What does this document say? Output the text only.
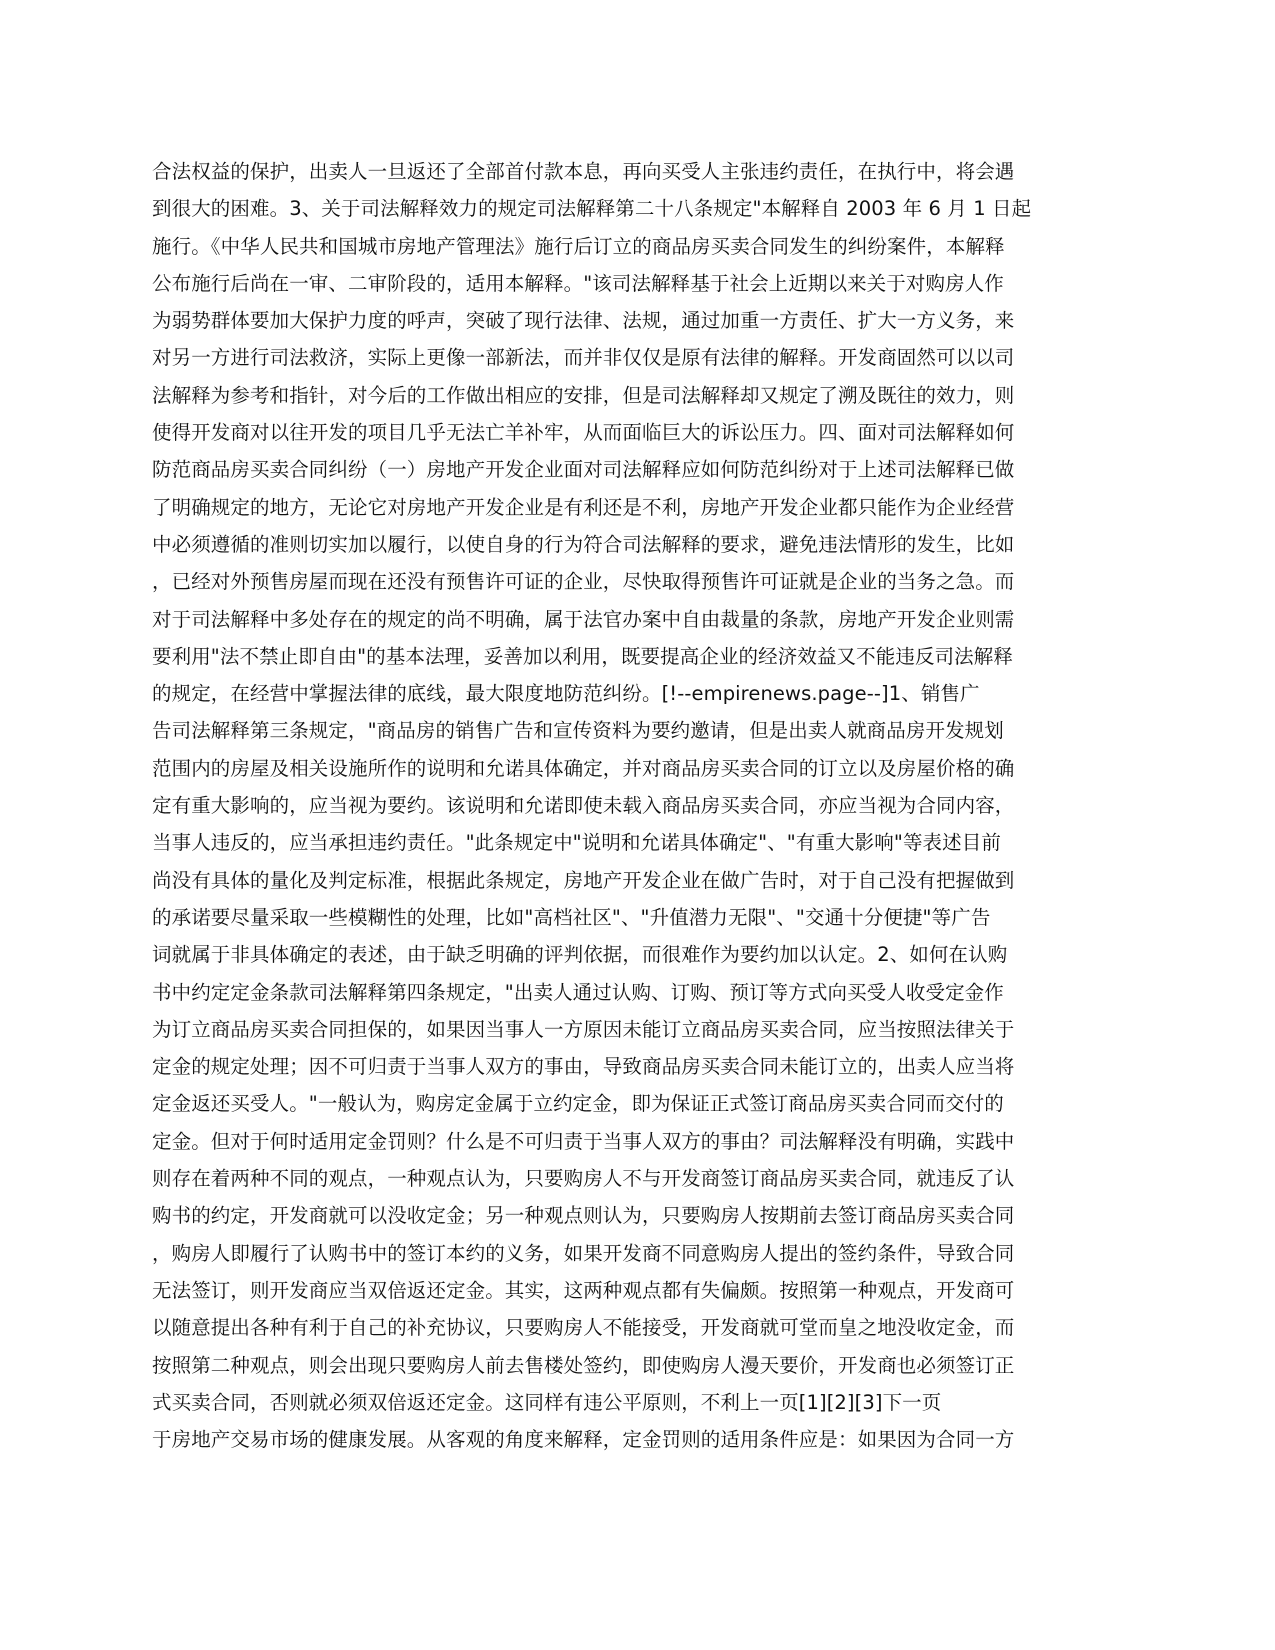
合法权益的保护，出卖人一旦返还了全部首付款本息，再向买受人主张违约责任，在执行中，将会遇
到很大的困难。3、关于司法解释效力的规定司法解释第二十八条规定"本解释自 2003 年 6 月 1 日起
施行。《中华人民共和国城市房地产管理法》施行后订立的商品房买卖合同发生的纠纷案件，本解释
公布施行后尚在一审、二审阶段的，适用本解释。"该司法解释基于社会上近期以来关于对购房人作
为弱势群体要加大保护力度的呼声，突破了现行法律、法规，通过加重一方责任、扩大一方义务，来
对另一方进行司法救济，实际上更像一部新法，而并非仅仅是原有法律的解释。开发商固然可以以司
法解释为参考和指针，对今后的工作做出相应的安排，但是司法解释却又规定了溯及既往的效力，则
使得开发商对以往开发的项目几乎无法亡羊补牢，从而面临巨大的诉讼压力。四、面对司法解释如何
防范商品房买卖合同纠纷（一）房地产开发企业面对司法解释应如何防范纠纷对于上述司法解释已做
了明确规定的地方，无论它对房地产开发企业是有利还是不利，房地产开发企业都只能作为企业经营
中必须遵循的准则切实加以履行，以使自身的行为符合司法解释的要求，避免违法情形的发生，比如
，已经对外预售房屋而现在还没有预售许可证的企业，尽快取得预售许可证就是企业的当务之急。而
对于司法解释中多处存在的规定的尚不明确，属于法官办案中自由裁量的条款，房地产开发企业则需
要利用"法不禁止即自由"的基本法理，妥善加以利用，既要提高企业的经济效益又不能违反司法解释
的规定，在经营中掌握法律的底线，最大限度地防范纠纷。[!--empirenews.page--]1、销售广
告司法解释第三条规定，"商品房的销售广告和宣传资料为要约邀请，但是出卖人就商品房开发规划
范围内的房屋及相关设施所作的说明和允诺具体确定，并对商品房买卖合同的订立以及房屋价格的确
定有重大影响的，应当视为要约。该说明和允诺即使未载入商品房买卖合同，亦应当视为合同内容，
当事人违反的，应当承担违约责任。"此条规定中"说明和允诺具体确定"、"有重大影响"等表述目前
尚没有具体的量化及判定标准，根据此条规定，房地产开发企业在做广告时，对于自己没有把握做到
的承诺要尽量采取一些模糊性的处理，比如"高档社区"、"升值潜力无限"、"交通十分便捷"等广告
词就属于非具体确定的表述，由于缺乏明确的评判依据，而很难作为要约加以认定。2、如何在认购
书中约定定金条款司法解释第四条规定，"出卖人通过认购、订购、预订等方式向买受人收受定金作
为订立商品房买卖合同担保的，如果因当事人一方原因未能订立商品房买卖合同，应当按照法律关于
定金的规定处理；因不可归责于当事人双方的事由，导致商品房买卖合同未能订立的，出卖人应当将
定金返还买受人。"一般认为，购房定金属于立约定金，即为保证正式签订商品房买卖合同而交付的
定金。但对于何时适用定金罚则？什么是不可归责于当事人双方的事由？司法解释没有明确，实践中
则存在着两种不同的观点，一种观点认为，只要购房人不与开发商签订商品房买卖合同，就违反了认
购书的约定，开发商就可以没收定金；另一种观点则认为，只要购房人按期前去签订商品房买卖合同
，购房人即履行了认购书中的签订本约的义务，如果开发商不同意购房人提出的签约条件，导致合同
无法签订，则开发商应当双倍返还定金。其实，这两种观点都有失偏颇。按照第一种观点，开发商可
以随意提出各种有利于自己的补充协议，只要购房人不能接受，开发商就可堂而皇之地没收定金，而
按照第二种观点，则会出现只要购房人前去售楼处签约，即使购房人漫天要价，开发商也必须签订正
式买卖合同，否则就必须双倍返还定金。这同样有违公平原则，不利上一页[1][2][3]下一页
于房地产交易市场的健康发展。从客观的角度来解释，定金罚则的适用条件应是：如果因为合同一方
